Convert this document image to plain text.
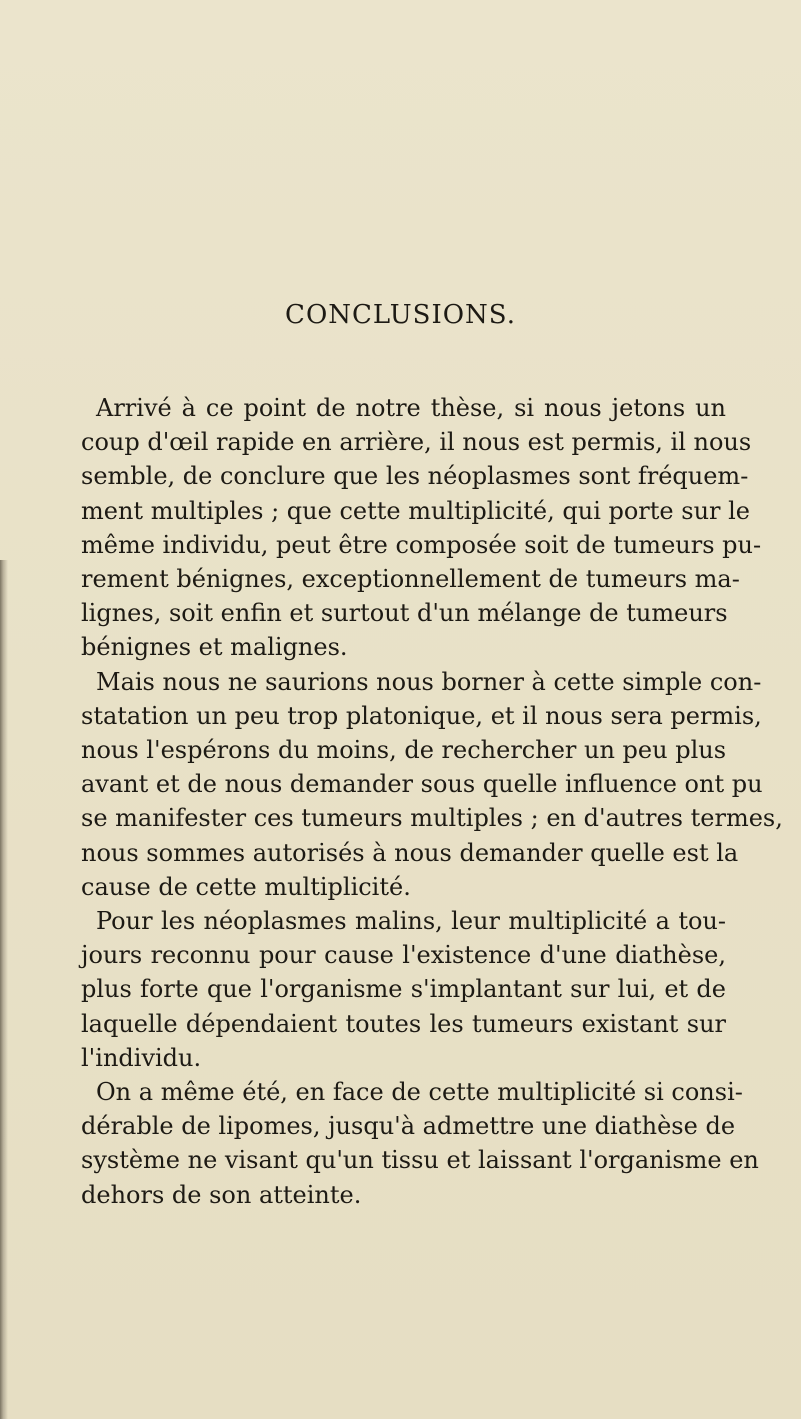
CONCLUSIONS.
Arrivé à ce point de notre thèse, si nous jetons un
coup d'œil rapide en arrière, il nous est permis, il nous
semble, de conclure que les néoplasmes sont fréquem-
ment multiples ; que cette multiplicité, qui porte sur le
même individu, peut être composée soit de tumeurs pu-
rement bénignes, exceptionnellement de tumeurs ma-
lignes, soit enfin et surtout d'un mélange de tumeurs
bénignes et malignes.
Mais nous ne saurions nous borner à cette simple con-
statation un peu trop platonique, et il nous sera permis,
nous l'espérons du moins, de rechercher un peu plus
avant et de nous demander sous quelle influence ont pu
se manifester ces tumeurs multiples ; en d'autres termes,
nous sommes autorisés à nous demander quelle est la
cause de cette multiplicité.
Pour les néoplasmes malins, leur multiplicité a tou-
jours reconnu pour cause l'existence d'une diathèse,
plus forte que l'organisme s'implantant sur lui, et de
laquelle dépendaient toutes les tumeurs existant sur
l'individu.
On a même été, en face de cette multiplicité si consi-
dérable de lipomes, jusqu'à admettre une diathèse de
système ne visant qu'un tissu et laissant l'organisme en
dehors de son atteinte.
